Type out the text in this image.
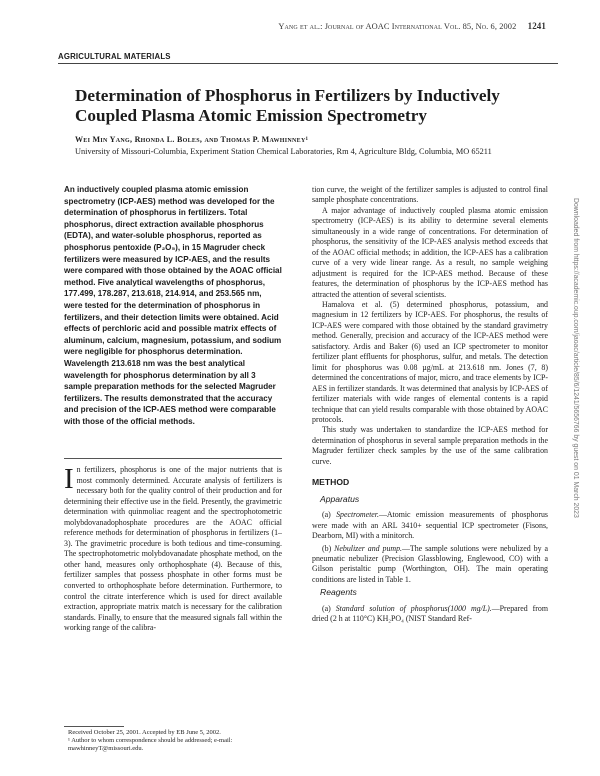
Yang et al.: Journal of AOAC International Vol. 85, No. 6, 2002 1241
AGRICULTURAL MATERIALS
Determination of Phosphorus in Fertilizers by Inductively Coupled Plasma Atomic Emission Spectrometry
Wei Min Yang, Rhonda L. Boles, and Thomas P. Mawhinney¹
University of Missouri-Columbia, Experiment Station Chemical Laboratories, Rm 4, Agriculture Bldg, Columbia, MO 65211
Downloaded from https://academic.oup.com/jaoac/article/85/6/1241/5656766 by guest on 01 March 2023

An inductively coupled plasma atomic emission spectrometry (ICP-AES) method was developed for the determination of phosphorus in fertilizers. Total phosphorus, direct extraction available phosphorus (EDTA), and water-soluble phosphorus, reported as phosphorus pentoxide (P₂O₅), in 15 Magruder check fertilizers were measured by ICP-AES, and the results were compared with those obtained by the AOAC official method. Five analytical wavelengths of phosphorus, 177.499, 178.287, 213.618, 214.914, and 253.565 nm, were tested for the determination of phosphorus in fertilizers, and their detection limits were obtained. Acid effects of perchloric acid and possible matrix effects of aluminum, calcium, magnesium, potassium, and sodium were negligible for phosphorus determination. Wavelength 213.618 nm was the best analytical wavelength for phosphorus determination by all 3 sample preparation methods for the selected Magruder fertilizers. The results demonstrated that the accuracy and precision of the ICP-AES method were comparable with those of the official methods.

I n fertilizers, phosphorus is one of the major nutrients that is most commonly determined. Accurate analysis of fertilizers is necessary both for the quality control of their production and for determining their effective use in the field. Presently, the gravimetric determination with quinmoliac reagent and the spectrophotometric molybdovanadophosphate procedures are the AOAC official reference methods for determination of phosphorus in fertilizers (1–3). The gravimetric procedure is both tedious and time-consuming. The spectrophotometric molybdovanadate phosphate method, on the other hand, measures only orthophosphate (4). Because of this, fertilizer samples that possess phosphate in other forms must be converted to orthophosphate before determination. Furthermore, to control the citrate interference which is used for direct available extraction, appropriate matrix match is necessary for the calibration standards. Finally, to ensure that the measured signals fall within the working range of the calibra-

Received October 25, 2001. Accepted by EB June 5, 2002.
¹ Author to whom correspondence should be addressed; e-mail: mawhinneyT@missouri.edu.

tion curve, the weight of the fertilizer samples is adjusted to control final sample phosphate concentrations.

A major advantage of inductively coupled plasma atomic emission spectrometry (ICP-AES) is its ability to determine several elements simultaneously in a wide range of concentrations. For determination of phosphorus, the sensitivity of the ICP-AES analysis method exceeds that of the AOAC official methods; in addition, the ICP-AES has a calibration curve of a very wide linear range. As a result, no sample weighing adjustment is required for the ICP-AES method. Because of these features, the determination of phosphorus by the ICP-AES method has attracted the attention of several scientists.

Hamalova et al. (5) determined phosphorus, potassium, and magnesium in 12 fertilizers by ICP-AES. For phosphorus, the results of ICP-AES were compared with those obtained by the standard gravimetry method. Generally, precision and accuracy of the ICP-AES method were satisfactory. Ardis and Baker (6) used an ICP spectrometer to monitor fertilizer plant effluents for phosphorus, sulfur, and metals. The detection limit for phosphorus was 0.08 µg/mL at 213.618 nm. Jones (7, 8) determined the concentrations of major, micro, and trace elements by ICP-AES in fertilizer standards. It was determined that analysis by ICP-AES of fertilizer materials with wide ranges of elemental contents is a rapid technique that can yield results comparable with those obtained by AOAC protocols.

This study was undertaken to standardize the ICP-AES method for determination of phosphorus in several sample preparation methods in the Magruder fertilizer check samples by the use of the same calibration curve.

METHOD
Apparatus

(a) Spectrometer.—Atomic emission measurements of phosphorus were made with an ARL 3410+ sequential ICP spectrometer (Fisons, Dearborn, MI) with a minitorch.

(b) Nebulizer and pump.—The sample solutions were nebulized by a pneumatic nebulizer (Precision Glassblowing, Englewood, CO) with a Gilson peristaltic pump (Worthington, OH). The main operating conditions are listed in Table 1.

Reagents

(a) Standard solution of phosphorus(1000 mg/L).—Prepared from dried (2 h at 110°C) KH₂PO₄ (NIST Standard Ref-
